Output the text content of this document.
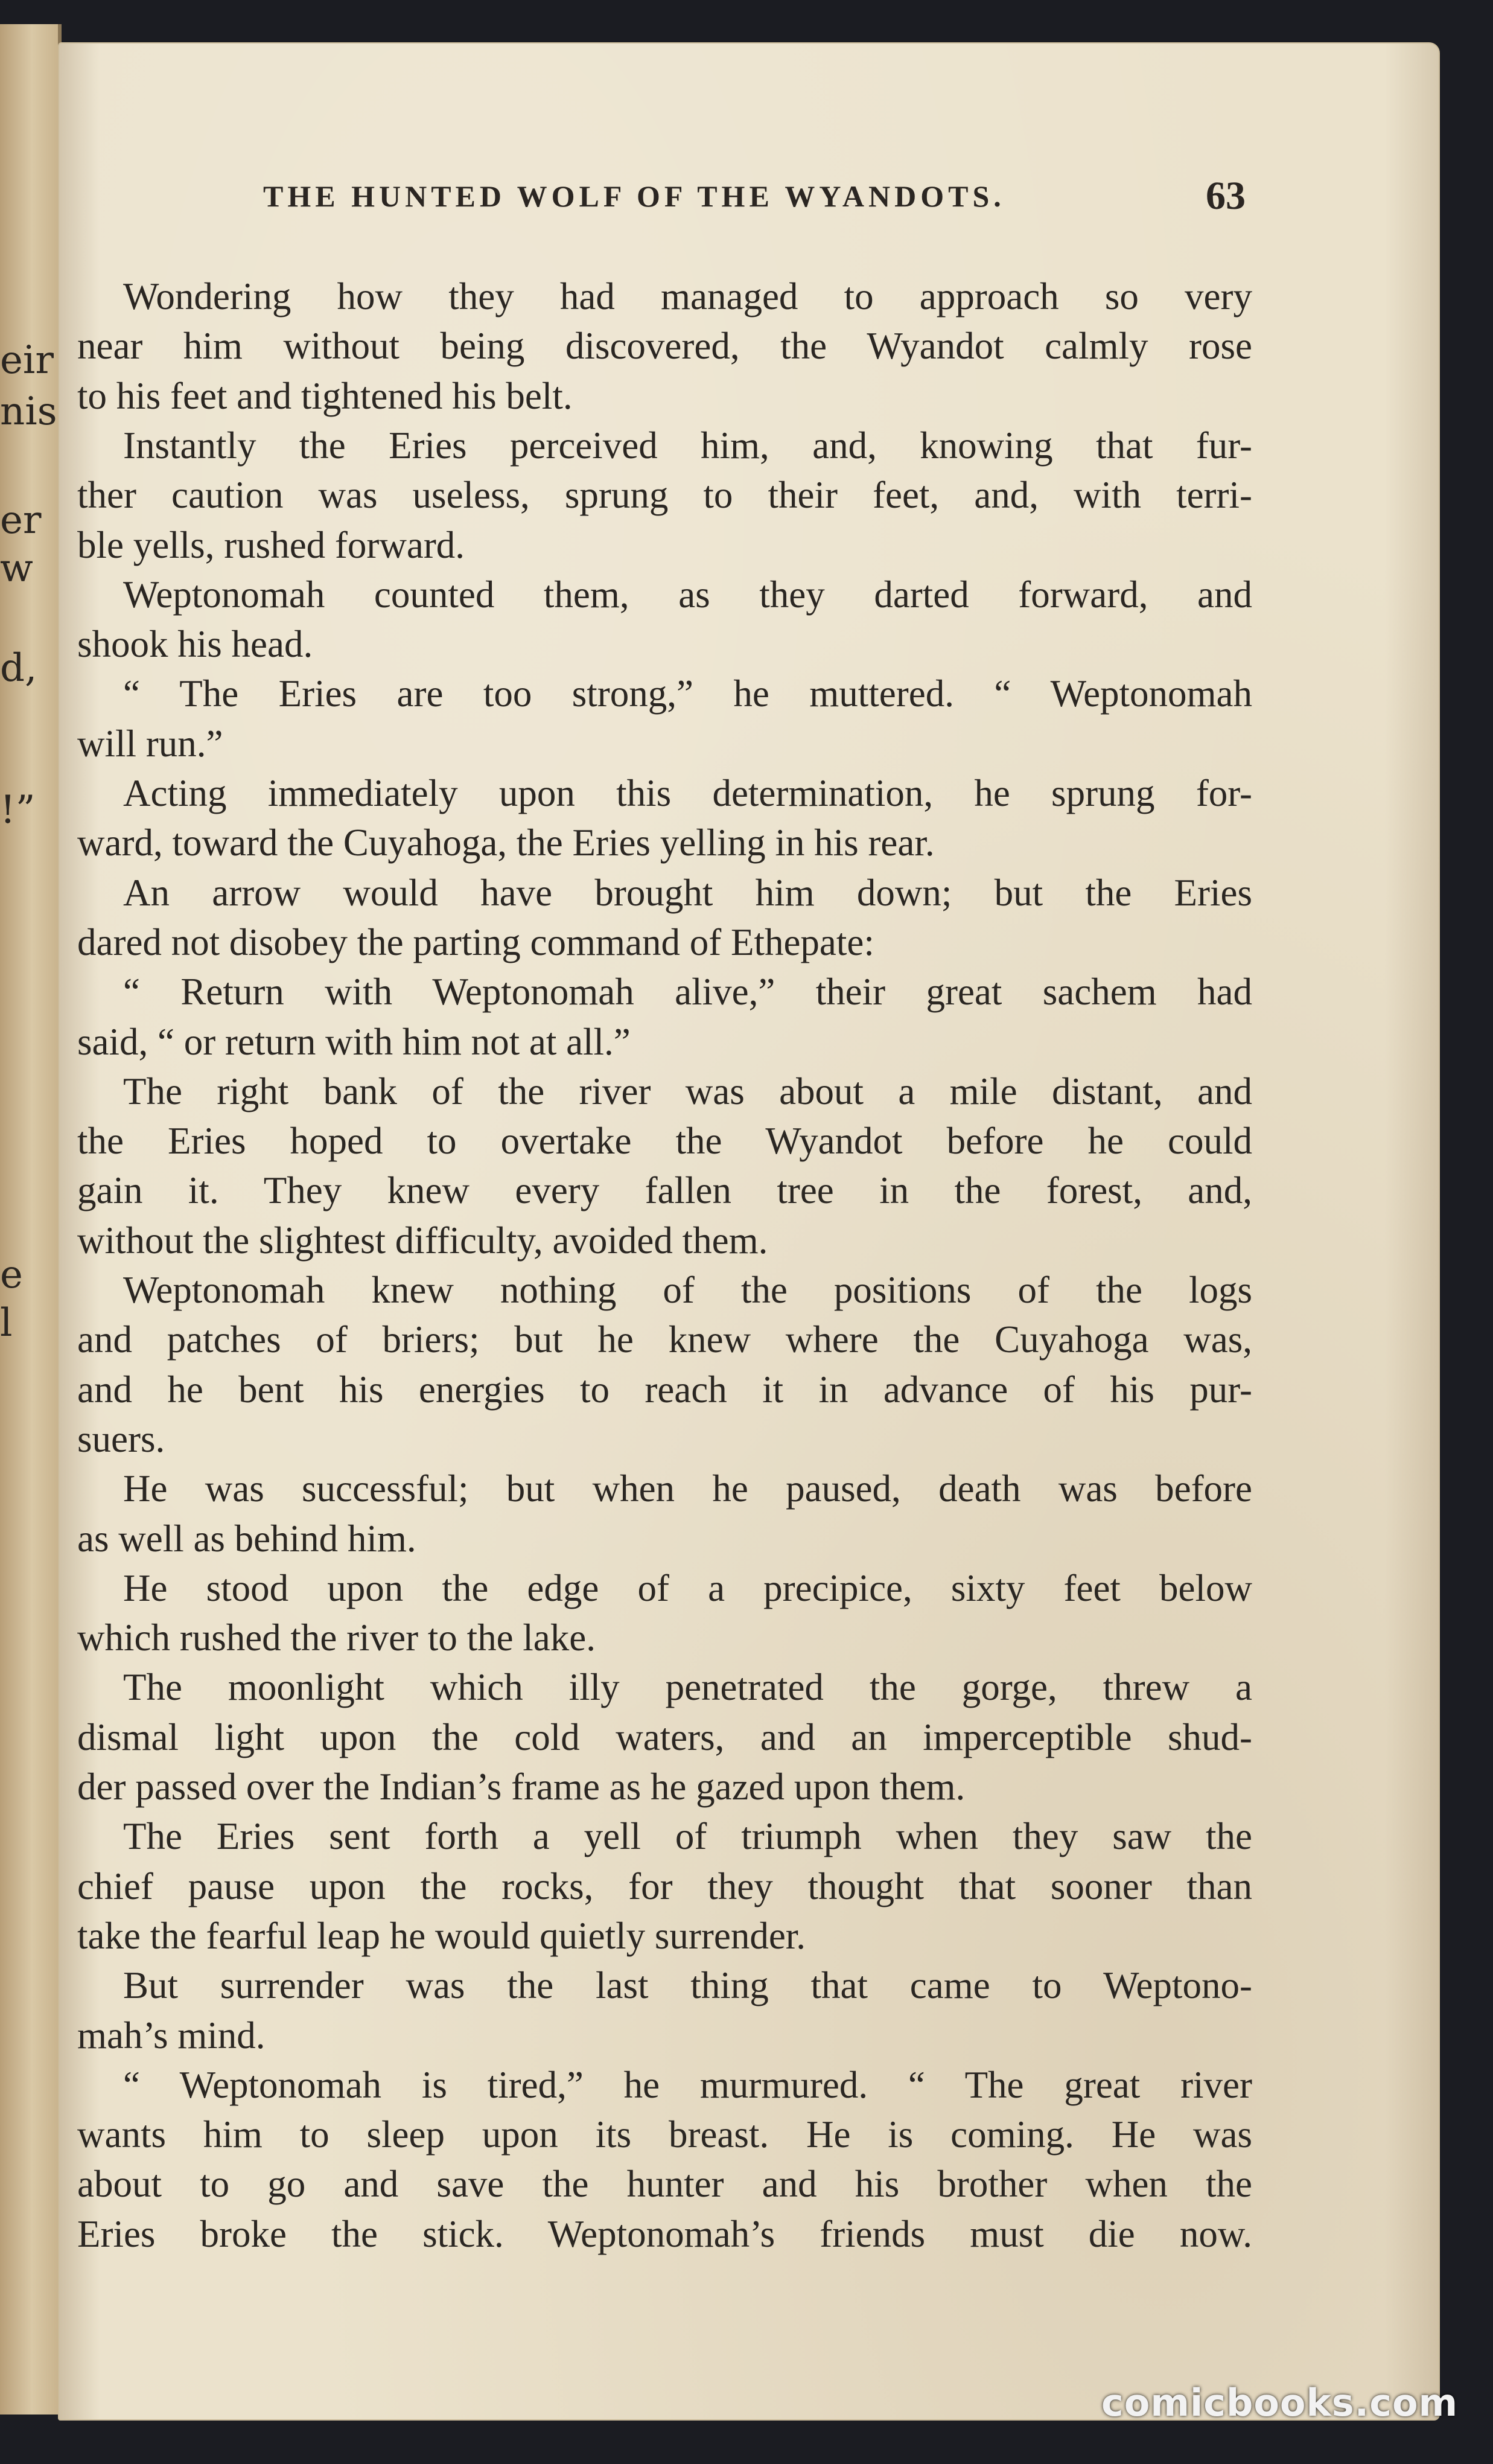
eir
nis
er
w
d,
!”
e
l
THE HUNTED WOLF OF THE WYANDOTS.	63
Wondering how they had managed to approach so very
near him without being discovered, the Wyandot calmly rose
to his feet and tightened his belt.
Instantly the Eries perceived him, and, knowing that fur-
ther caution was useless, sprung to their feet, and, with terri-
ble yells, rushed forward.
Weptonomah counted them, as they darted forward, and
shook his head.
“ The Eries are too strong,” he muttered. “ Weptonomah
will run.”
Acting immediately upon this determination, he sprung for-
ward, toward the Cuyahoga, the Eries yelling in his rear.
An arrow would have brought him down; but the Eries
dared not disobey the parting command of Ethepate:
“ Return with Weptonomah alive,” their great sachem had
said, “ or return with him not at all.”
The right bank of the river was about a mile distant, and
the Eries hoped to overtake the Wyandot before he could
gain it. They knew every fallen tree in the forest, and,
without the slightest difficulty, avoided them.
Weptonomah knew nothing of the positions of the logs
and patches of briers; but he knew where the Cuyahoga was,
and he bent his energies to reach it in advance of his pur-
suers.
He was successful; but when he paused, death was before
as well as behind him.
He stood upon the edge of a precipice, sixty feet below
which rushed the river to the lake.
The moonlight which illy penetrated the gorge, threw a
dismal light upon the cold waters, and an imperceptible shud-
der passed over the Indian’s frame as he gazed upon them.
The Eries sent forth a yell of triumph when they saw the
chief pause upon the rocks, for they thought that sooner than
take the fearful leap he would quietly surrender.
But surrender was the last thing that came to Weptono-
mah’s mind.
“ Weptonomah is tired,” he murmured. “ The great river
wants him to sleep upon its breast. He is coming. He was
about to go and save the hunter and his brother when the
Eries broke the stick. Weptonomah’s friends must die now.
comicbooks.com
